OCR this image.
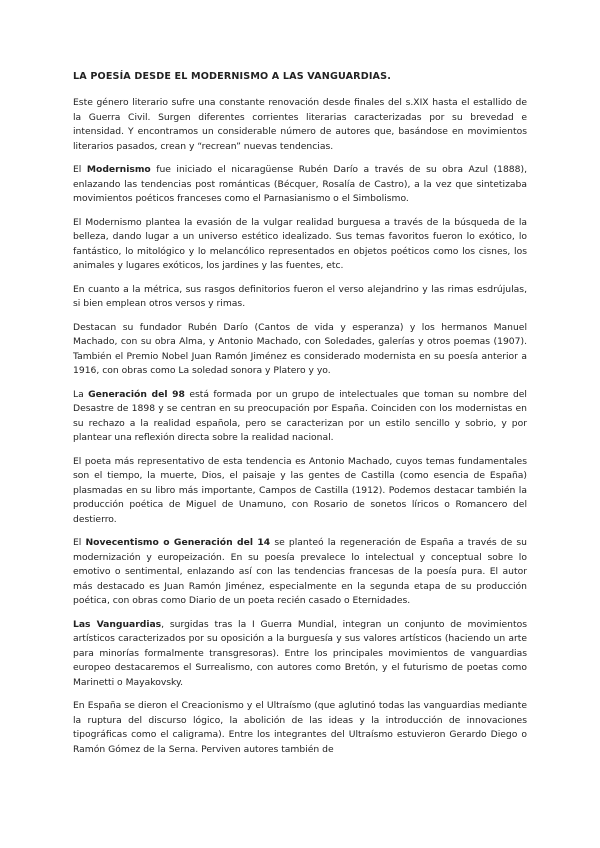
LA POESÍA DESDE EL MODERNISMO A LAS VANGUARDIAS.

Este género literario sufre una constante renovación desde finales del s.XIX hasta el estallido de la Guerra Civil. Surgen diferentes corrientes literarias caracterizadas por su brevedad e intensidad. Y encontramos un considerable número de autores que, basándose en movimientos literarios pasados, crean y “recrean” nuevas tendencias.

El Modernismo fue iniciado el nicaragüense Rubén Darío a través de su obra Azul (1888), enlazando las tendencias post románticas (Bécquer, Rosalía de Castro), a la vez que sintetizaba movimientos poéticos franceses como el Parnasianismo o el Simbolismo.

El Modernismo plantea la evasión de la vulgar realidad burguesa a través de la búsqueda de la belleza, dando lugar a un universo estético idealizado. Sus temas favoritos fueron lo exótico, lo fantástico, lo mitológico y lo melancólico representados en objetos poéticos como los cisnes, los animales y lugares exóticos, los jardines y las fuentes, etc.

En cuanto a la métrica, sus rasgos definitorios fueron el verso alejandrino y las rimas esdrújulas, si bien emplean otros versos y rimas.

Destacan su fundador Rubén Darío (Cantos de vida y esperanza) y los hermanos Manuel Machado, con su obra Alma, y Antonio Machado, con Soledades, galerías y otros poemas (1907). También el Premio Nobel Juan Ramón Jiménez es considerado modernista en su poesía anterior a 1916, con obras como La soledad sonora y Platero y yo.

La Generación del 98 está formada por un grupo de intelectuales que toman su nombre del Desastre de 1898 y se centran en su preocupación por España. Coinciden con los modernistas en su rechazo a la realidad española, pero se caracterizan por un estilo sencillo y sobrio, y por plantear una reflexión directa sobre la realidad nacional.

El poeta más representativo de esta tendencia es Antonio Machado, cuyos temas fundamentales son el tiempo, la muerte, Dios, el paisaje y las gentes de Castilla (como esencia de España) plasmadas en su libro más importante, Campos de Castilla (1912). Podemos destacar también la producción poética de Miguel de Unamuno, con Rosario de sonetos líricos o Romancero del destierro.

El Novecentismo o Generación del 14 se planteó la regeneración de España a través de su modernización y europeización. En su poesía prevalece lo intelectual y conceptual sobre lo emotivo o sentimental, enlazando así con las tendencias francesas de la poesía pura. El autor más destacado es Juan Ramón Jiménez, especialmente en la segunda etapa de su producción poética, con obras como Diario de un poeta recién casado o Eternidades.

Las Vanguardias, surgidas tras la I Guerra Mundial, integran un conjunto de movimientos artísticos caracterizados por su oposición a la burguesía y sus valores artísticos (haciendo un arte para minorías formalmente transgresoras). Entre los principales movimientos de vanguardias europeo destacaremos el Surrealismo, con autores como Bretón, y el futurismo de poetas como Marinetti o Mayakovsky.

En España se dieron el Creacionismo y el Ultraísmo (que aglutinó todas las vanguardias mediante la ruptura del discurso lógico, la abolición de las ideas y la introducción de innovaciones tipográficas como el caligrama). Entre los integrantes del Ultraísmo estuvieron Gerardo Diego o Ramón Gómez de la Serna. Perviven autores también de
